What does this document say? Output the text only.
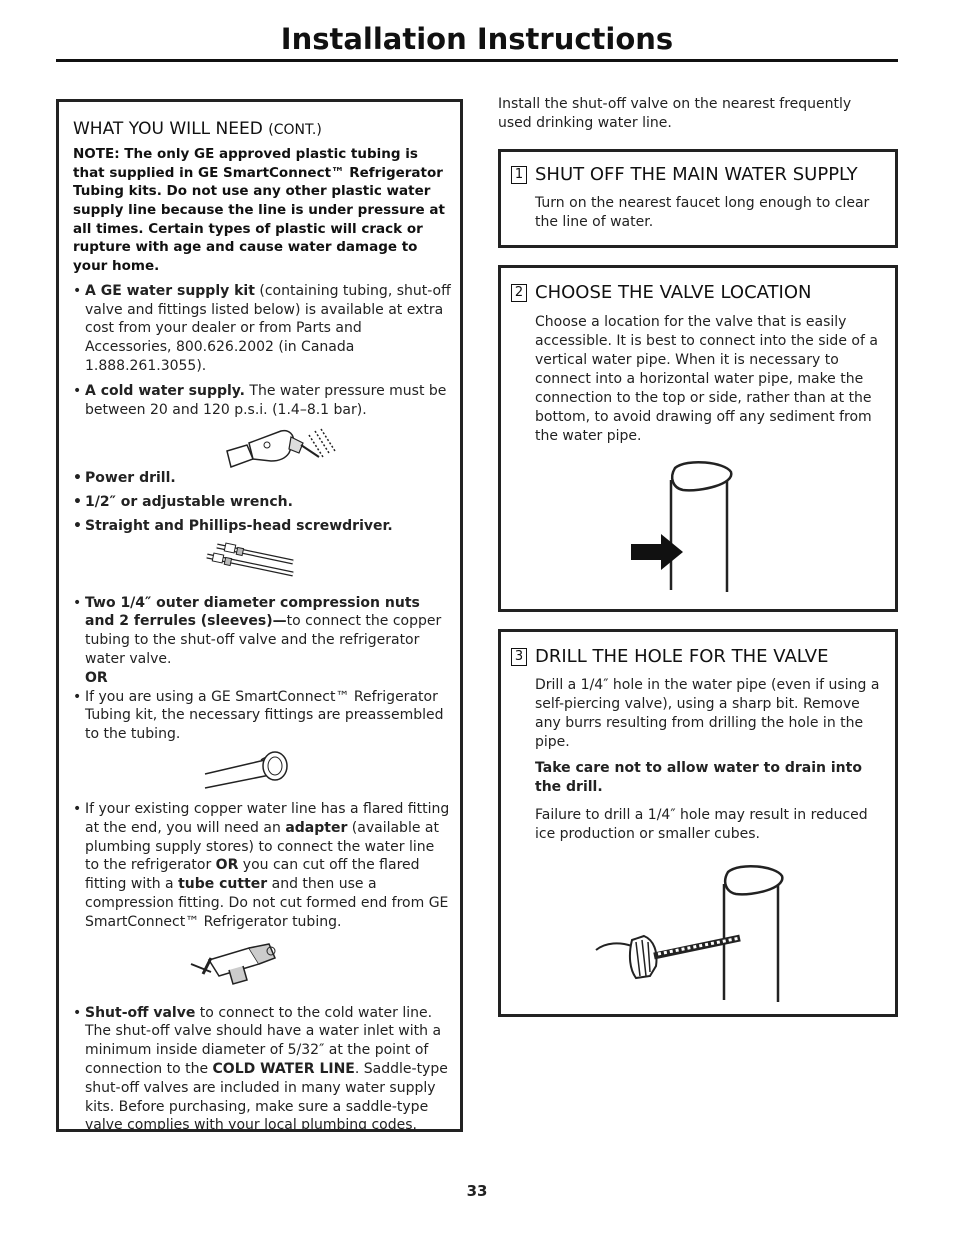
Installation Instructions
WHAT YOU WILL NEED (CONT.)
NOTE: The only GE approved plastic tubing is that supplied in GE SmartConnect™ Refrigerator Tubing kits. Do not use any other plastic water supply line because the line is under pressure at all times. Certain types of plastic will crack or rupture with age and cause water damage to your home.
• A GE water supply kit (containing tubing, shut-off valve and fittings listed below) is available at extra cost from your dealer or from Parts and Accessories, 800.626.2002 (in Canada 1.888.261.3055).
• A cold water supply. The water pressure must be between 20 and 120 p.s.i. (1.4–8.1 bar).
• Power drill.
• 1/2″ or adjustable wrench.
• Straight and Phillips-head screwdriver.
• Two 1/4″ outer diameter compression nuts and 2 ferrules (sleeves)—to connect the copper tubing to the shut-off valve and the refrigerator water valve.
OR
• If you are using a GE SmartConnect™ Refrigerator Tubing kit, the necessary fittings are preassembled to the tubing.
• If your existing copper water line has a flared fitting at the end, you will need an adapter (available at plumbing supply stores) to connect the water line to the refrigerator OR you can cut off the flared fitting with a tube cutter and then use a compression fitting. Do not cut formed end from GE SmartConnect™ Refrigerator tubing.
• Shut-off valve to connect to the cold water line. The shut-off valve should have a water inlet with a minimum inside diameter of 5/32″ at the point of connection to the COLD WATER LINE. Saddle-type shut-off valves are included in many water supply kits. Before purchasing, make sure a saddle-type valve complies with your local plumbing codes.
Install the shut-off valve on the nearest frequently used drinking water line.
1 SHUT OFF THE MAIN WATER SUPPLY
Turn on the nearest faucet long enough to clear the line of water.
2 CHOOSE THE VALVE LOCATION
Choose a location for the valve that is easily accessible. It is best to connect into the side of a vertical water pipe. When it is necessary to connect into a horizontal water pipe, make the connection to the top or side, rather than at the bottom, to avoid drawing off any sediment from the water pipe.
3 DRILL THE HOLE FOR THE VALVE
Drill a 1/4″ hole in the water pipe (even if using a self-piercing valve), using a sharp bit. Remove any burrs resulting from drilling the hole in the pipe.
Take care not to allow water to drain into the drill.
Failure to drill a 1/4″ hole may result in reduced ice production or smaller cubes.
33
